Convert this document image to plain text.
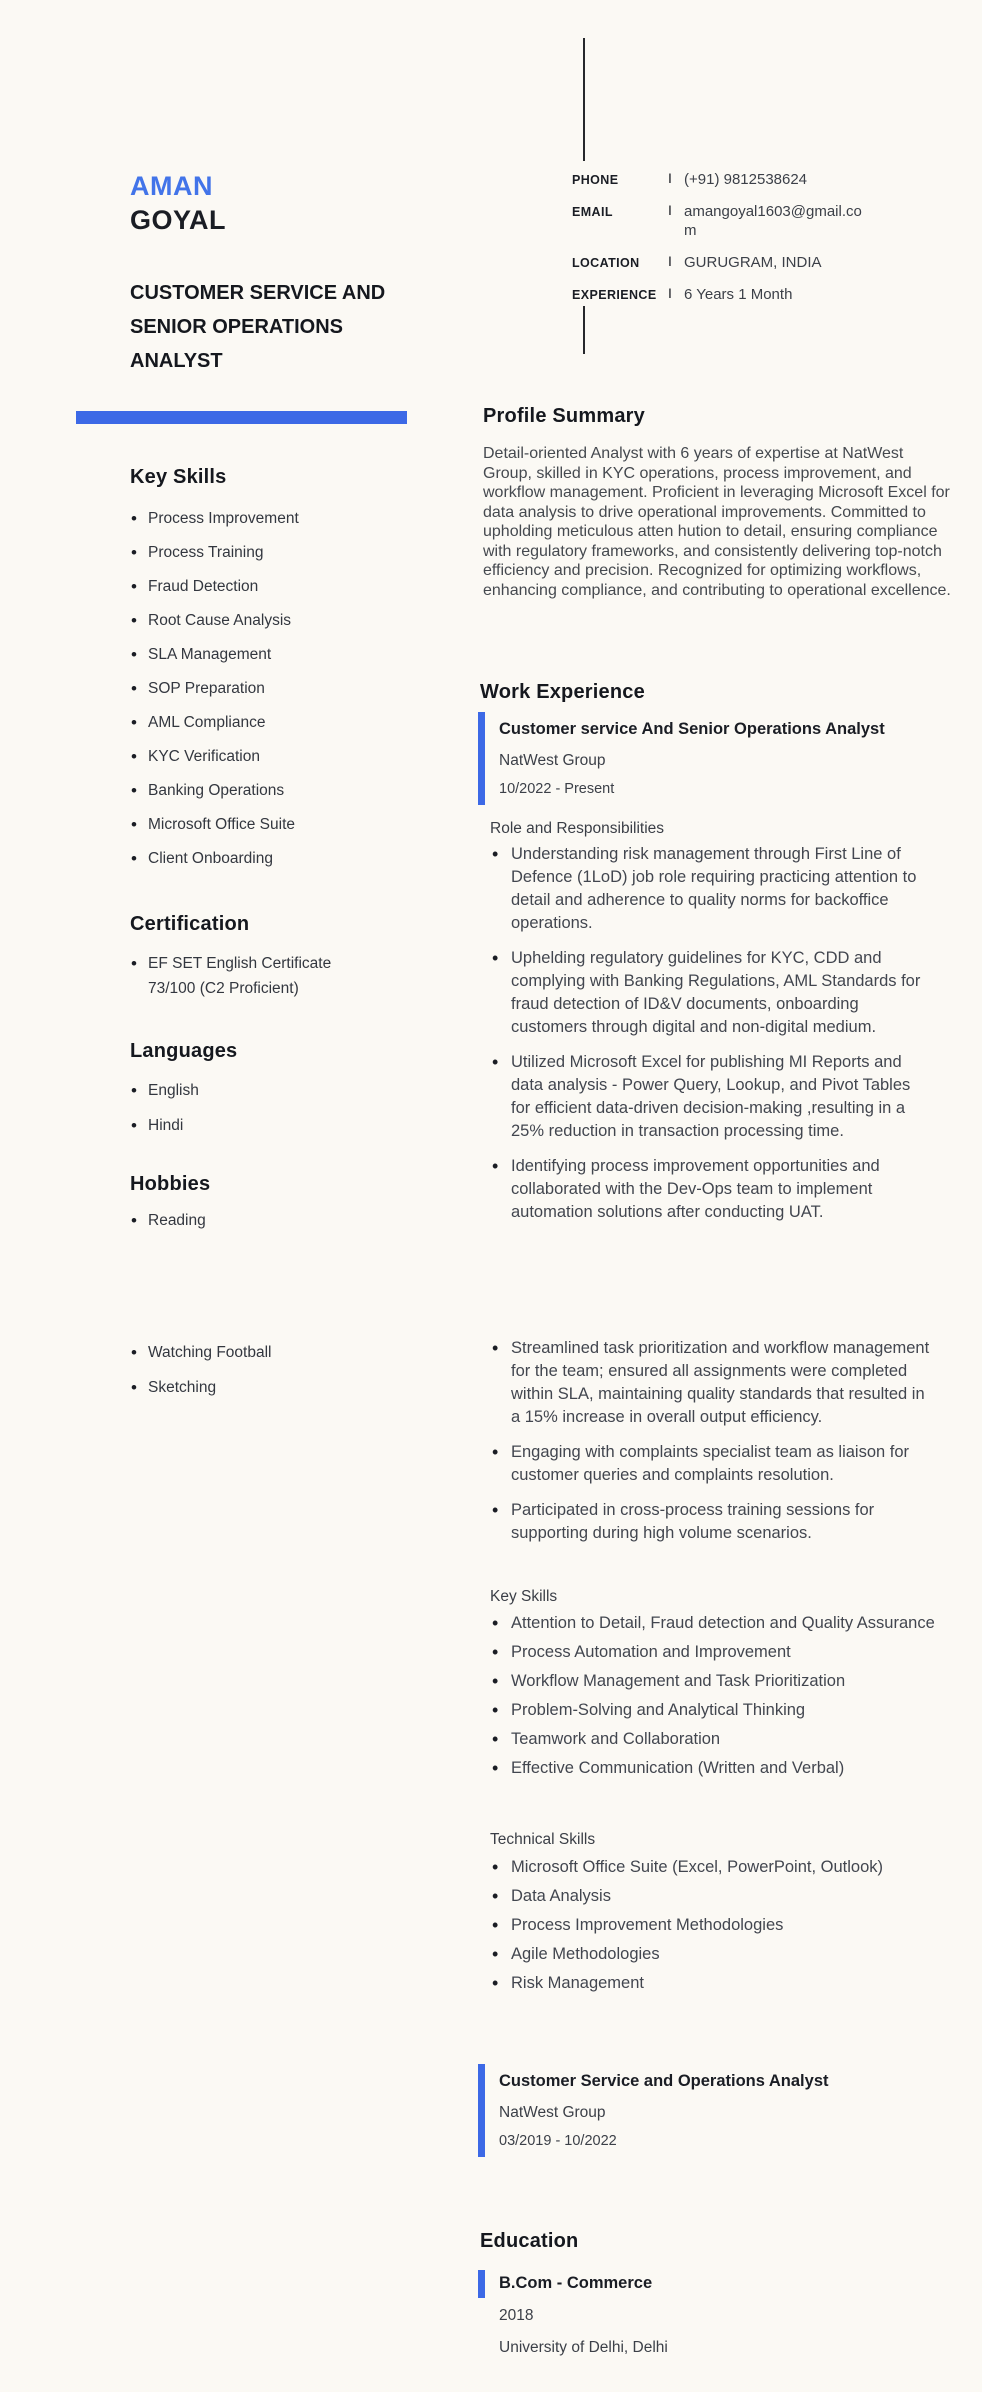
AMAN
GOYAL
CUSTOMER SERVICE AND SENIOR OPERATIONS ANALYST
PHONE	I (+91) 9812538624
EMAIL	I amangoyal1603@gmail.com
LOCATION	I GURUGRAM, INDIA
EXPERIENCE I 6 Years 1 Month
Key Skills
• Process Improvement
• Process Training
• Fraud Detection
• Root Cause Analysis
• SLA Management
• SOP Preparation
• AML Compliance
• KYC Verification
• Banking Operations
• Microsoft Office Suite
• Client Onboarding
Certification
• EF SET English Certificate 73/100 (C2 Proficient)
Languages
• English
• Hindi
Hobbies
• Reading
• Watching Football
• Sketching
Profile Summary
Detail-oriented Analyst with 6 years of expertise at NatWest Group, skilled in KYC operations, process improvement, and workflow management. Proficient in leveraging Microsoft Excel for data analysis to drive operational improvements. Committed to upholding meticulous atten hution to detail, ensuring compliance with regulatory frameworks, and consistently delivering top-notch efficiency and precision. Recognized for optimizing workflows, enhancing compliance, and contributing to operational excellence.
Work Experience
Customer service And Senior Operations Analyst
NatWest Group
10/2022 - Present
Role and Responsibilities
• Understanding risk management through First Line of Defence (1LoD) job role requiring practicing attention to detail and adherence to quality norms for backoffice operations.
• Uphelding regulatory guidelines for KYC, CDD and complying with Banking Regulations, AML Standards for fraud detection of ID&V documents, onboarding customers through digital and non-digital medium.
• Utilized Microsoft Excel for publishing MI Reports and data analysis - Power Query, Lookup, and Pivot Tables for efficient data-driven decision-making ,resulting in a 25% reduction in transaction processing time.
• Identifying process improvement opportunities and collaborated with the Dev-Ops team to implement automation solutions after conducting UAT.
• Streamlined task prioritization and workflow management for the team; ensured all assignments were completed within SLA, maintaining quality standards that resulted in a 15% increase in overall output efficiency.
• Engaging with complaints specialist team as liaison for customer queries and complaints resolution.
• Participated in cross-process training sessions for supporting during high volume scenarios.
Key Skills
• Attention to Detail, Fraud detection and Quality Assurance
• Process Automation and Improvement
• Workflow Management and Task Prioritization
• Problem-Solving and Analytical Thinking
• Teamwork and Collaboration
• Effective Communication (Written and Verbal)
Technical Skills
• Microsoft Office Suite (Excel, PowerPoint, Outlook)
• Data Analysis
• Process Improvement Methodologies
• Agile Methodologies
• Risk Management
Customer Service and Operations Analyst
NatWest Group
03/2019 - 10/2022
Education
B.Com - Commerce
2018
University of Delhi, Delhi
